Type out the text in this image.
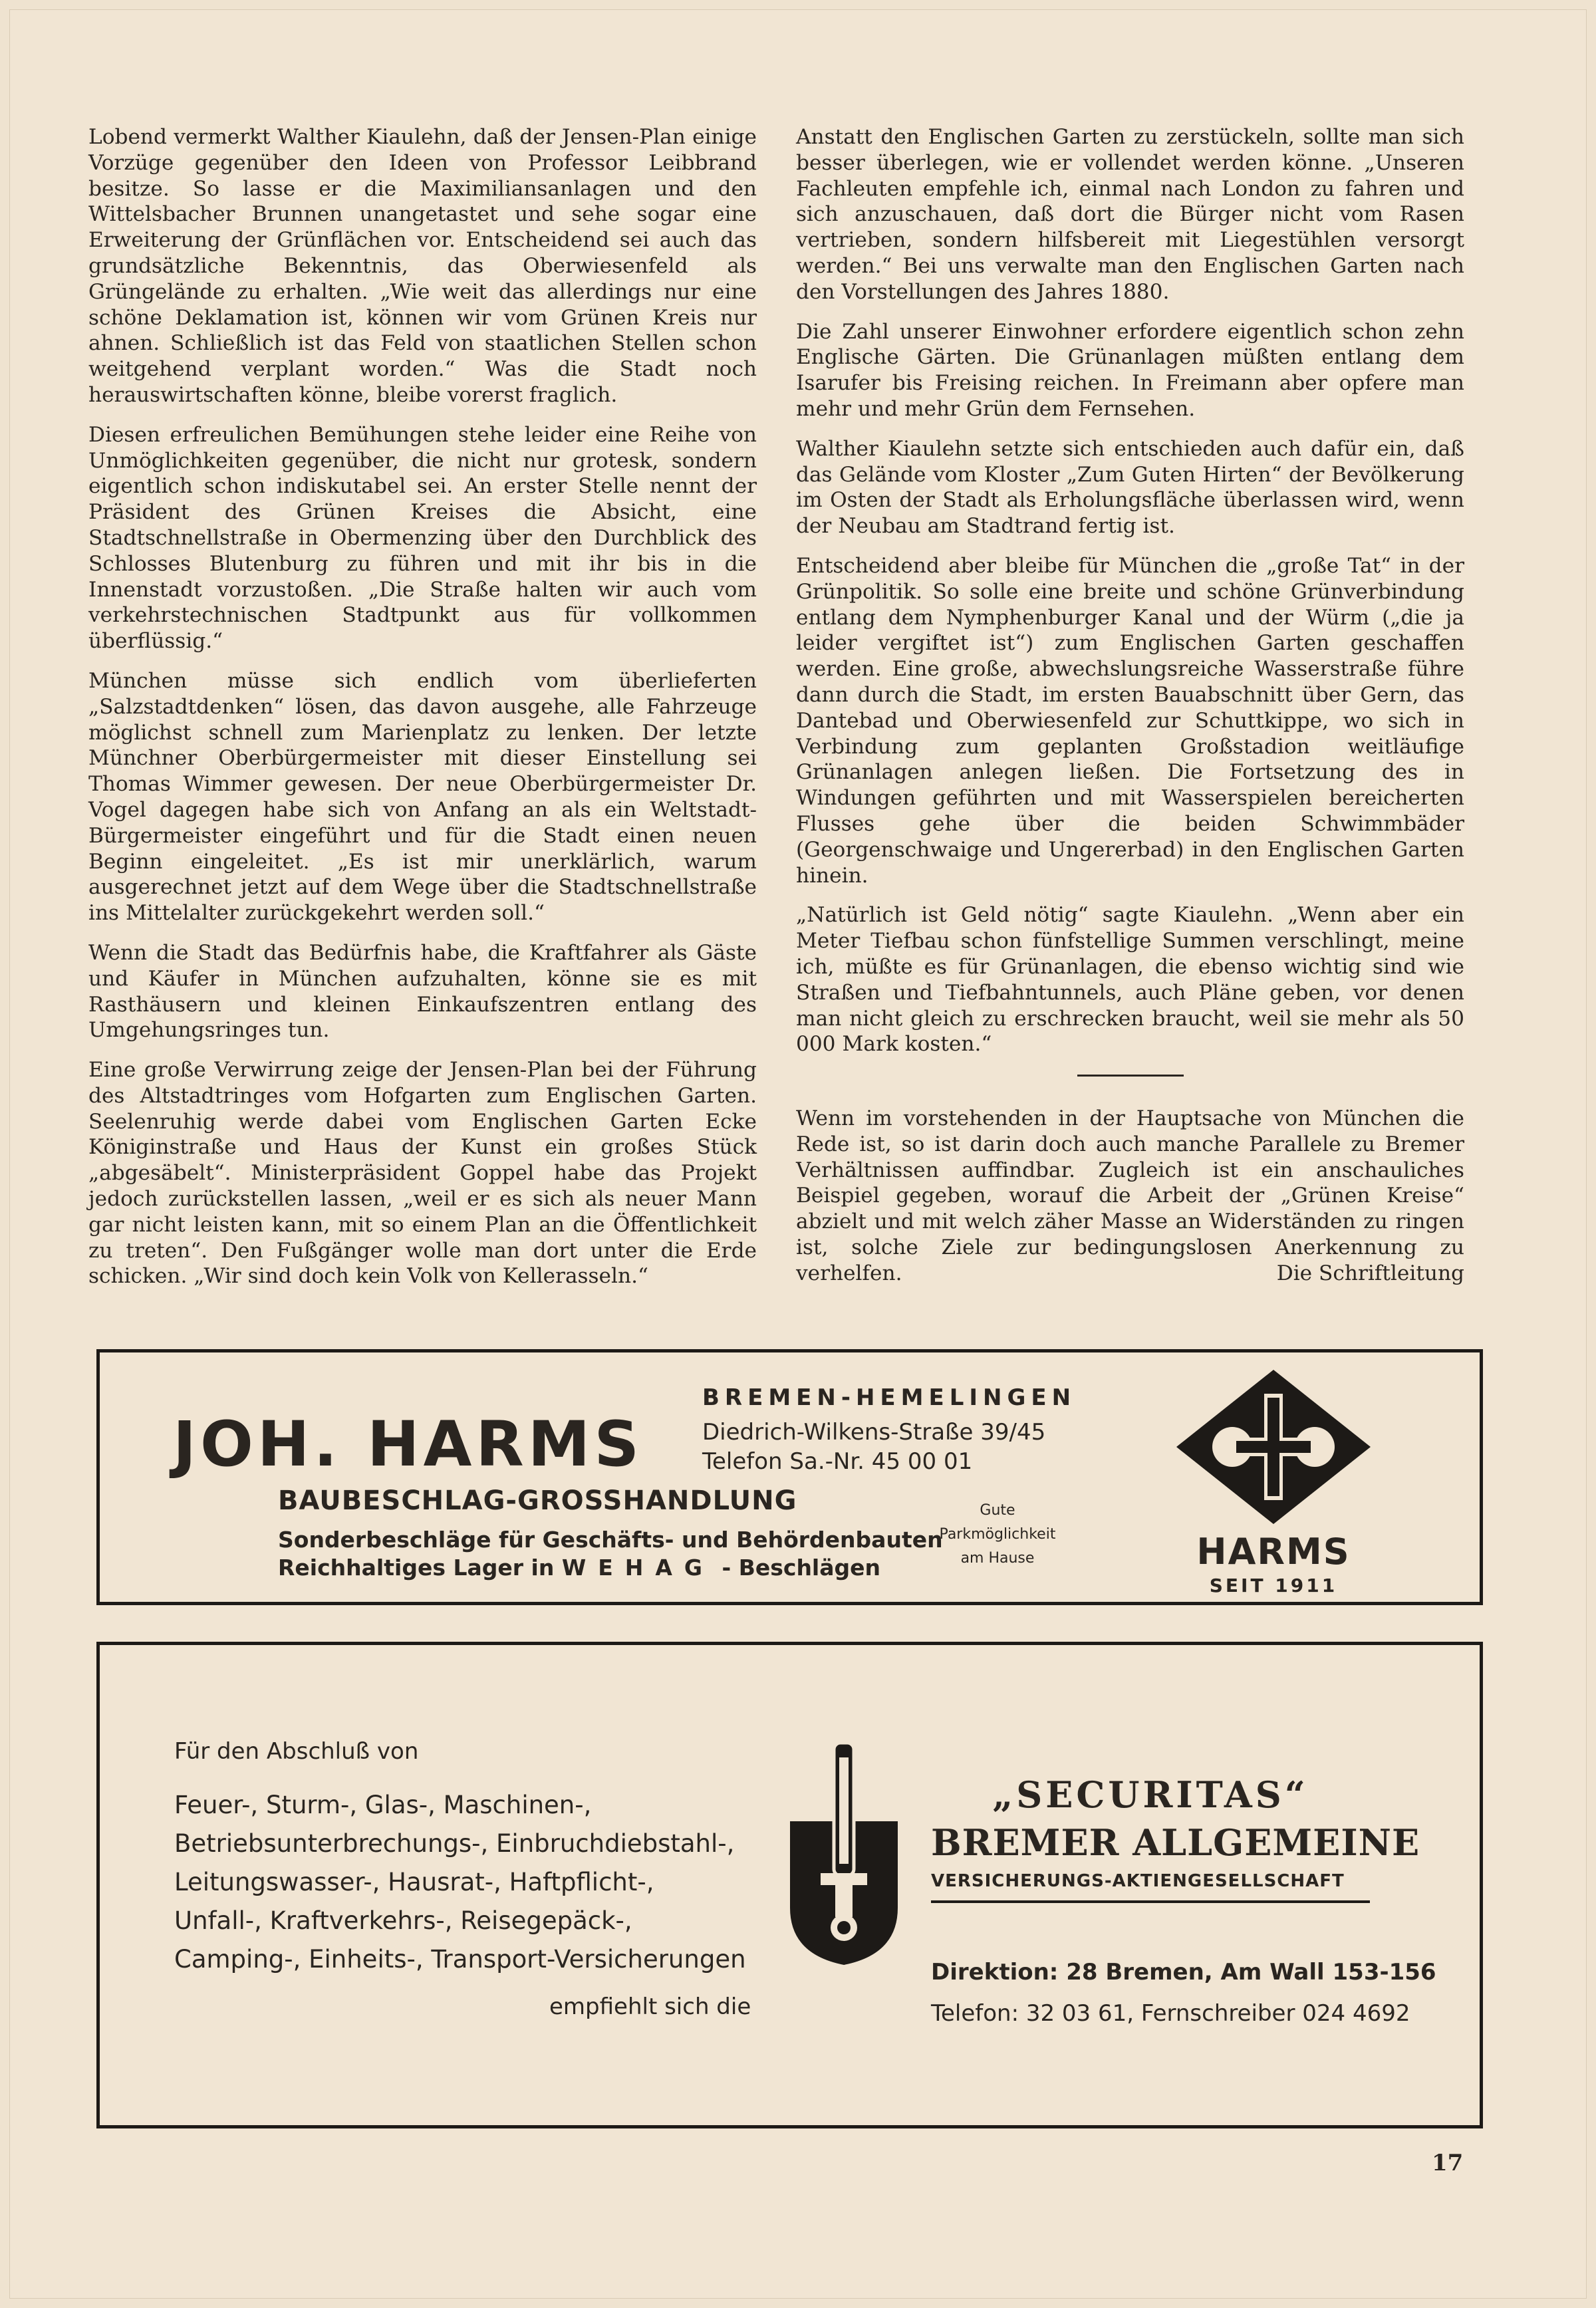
Lobend vermerkt Walther Kiaulehn, daß der Jensen-Plan einige Vorzüge gegenüber den Ideen von Professor Leibbrand besitze. So lasse er die Maximiliansanlagen und den Wittelsbacher Brunnen unangetastet und sehe sogar eine Erweiterung der Grünflächen vor. Entscheidend sei auch das grundsätzliche Bekenntnis, das Oberwiesenfeld als Grüngelände zu erhalten. „Wie weit das allerdings nur eine schöne Deklamation ist, können wir vom Grünen Kreis nur ahnen. Schließlich ist das Feld von staatlichen Stellen schon weitgehend verplant worden.“ Was die Stadt noch herauswirtschaften könne, bleibe vorerst fraglich.

Diesen erfreulichen Bemühungen stehe leider eine Reihe von Unmöglichkeiten gegenüber, die nicht nur grotesk, sondern eigentlich schon indiskutabel sei. An erster Stelle nennt der Präsident des Grünen Kreises die Absicht, eine Stadtschnellstraße in Obermenzing über den Durchblick des Schlosses Blutenburg zu führen und mit ihr bis in die Innenstadt vorzustoßen. „Die Straße halten wir auch vom verkehrstechnischen Stadtpunkt aus für vollkommen überflüssig.“

München müsse sich endlich vom überlieferten „Salzstadtdenken“ lösen, das davon ausgehe, alle Fahrzeuge möglichst schnell zum Marienplatz zu lenken. Der letzte Münchner Oberbürgermeister mit dieser Einstellung sei Thomas Wimmer gewesen. Der neue Oberbürgermeister Dr. Vogel dagegen habe sich von Anfang an als ein Weltstadt-Bürgermeister eingeführt und für die Stadt einen neuen Beginn eingeleitet. „Es ist mir unerklärlich, warum ausgerechnet jetzt auf dem Wege über die Stadtschnellstraße ins Mittelalter zurückgekehrt werden soll.“

Wenn die Stadt das Bedürfnis habe, die Kraftfahrer als Gäste und Käufer in München aufzuhalten, könne sie es mit Rasthäusern und kleinen Einkaufszentren entlang des Umgehungsringes tun.

Eine große Verwirrung zeige der Jensen-Plan bei der Führung des Altstadtringes vom Hofgarten zum Englischen Garten. Seelenruhig werde dabei vom Englischen Garten Ecke Königinstraße und Haus der Kunst ein großes Stück „abgesäbelt“. Ministerpräsident Goppel habe das Projekt jedoch zurückstellen lassen, „weil er es sich als neuer Mann gar nicht leisten kann, mit so einem Plan an die Öffentlichkeit zu treten“. Den Fußgänger wolle man dort unter die Erde schicken. „Wir sind doch kein Volk von Kellerasseln.“

Anstatt den Englischen Garten zu zerstückeln, sollte man sich besser überlegen, wie er vollendet werden könne. „Unseren Fachleuten empfehle ich, einmal nach London zu fahren und sich anzuschauen, daß dort die Bürger nicht vom Rasen vertrieben, sondern hilfsbereit mit Liegestühlen versorgt werden.“ Bei uns verwalte man den Englischen Garten nach den Vorstellungen des Jahres 1880.

Die Zahl unserer Einwohner erfordere eigentlich schon zehn Englische Gärten. Die Grünanlagen müßten entlang dem Isarufer bis Freising reichen. In Freimann aber opfere man mehr und mehr Grün dem Fernsehen.

Walther Kiaulehn setzte sich entschieden auch dafür ein, daß das Gelände vom Kloster „Zum Guten Hirten“ der Bevölkerung im Osten der Stadt als Erholungsfläche überlassen wird, wenn der Neubau am Stadtrand fertig ist.

Entscheidend aber bleibe für München die „große Tat“ in der Grünpolitik. So solle eine breite und schöne Grünverbindung entlang dem Nymphenburger Kanal und der Würm („die ja leider vergiftet ist“) zum Englischen Garten geschaffen werden. Eine große, abwechslungsreiche Wasserstraße führe dann durch die Stadt, im ersten Bauabschnitt über Gern, das Dantebad und Oberwiesenfeld zur Schuttkippe, wo sich in Verbindung zum geplanten Großstadion weitläufige Grünanlagen anlegen ließen. Die Fortsetzung des in Windungen geführten und mit Wasserspielen bereicherten Flusses gehe über die beiden Schwimmbäder (Georgenschwaige und Ungererbad) in den Englischen Garten hinein.

„Natürlich ist Geld nötig“ sagte Kiaulehn. „Wenn aber ein Meter Tiefbau schon fünfstellige Summen verschlingt, meine ich, müßte es für Grünanlagen, die ebenso wichtig sind wie Straßen und Tiefbahntunnels, auch Pläne geben, vor denen man nicht gleich zu erschrecken braucht, weil sie mehr als 50 000 Mark kosten.“

Wenn im vorstehenden in der Hauptsache von München die Rede ist, so ist darin doch auch manche Parallele zu Bremer Verhältnissen auffindbar. Zugleich ist ein anschauliches Beispiel gegeben, worauf die Arbeit der „Grünen Kreise“ abzielt und mit welch zäher Masse an Widerständen zu ringen ist, solche Ziele zur bedingungslosen Anerkennung zu verhelfen.	Die Schriftleitung

JOH. HARMS
BREMEN-HEMELINGEN
Diedrich-Wilkens-Straße 39/45
Telefon Sa.-Nr. 45 00 01
BAUBESCHLAG-GROSSHANDLUNG
Sonderbeschläge für Geschäfts- und Behördenbauten
Reichhaltiges Lager in WEHAG - Beschlägen
Gute
Parkmöglichkeit
am Hause	HARMS
SEIT 1911
Für den Abschluß von
Feuer-, Sturm-, Glas-, Maschinen-,
Betriebsunterbrechungs-, Einbruchdiebstahl-,
Leitungswasser-, Hausrat-, Haftpflicht-,
Unfall-, Kraftverkehrs-, Reisegepäck-,
Camping-, Einheits-, Transport-Versicherungen
empfiehlt sich die
„SECURITAS“
BREMER ALLGEMEINE
VERSICHERUNGS-AKTIENGESELLSCHAFT
Direktion: 28 Bremen, Am Wall 153-156
Telefon: 32 03 61, Fernschreiber 024 4692
17
